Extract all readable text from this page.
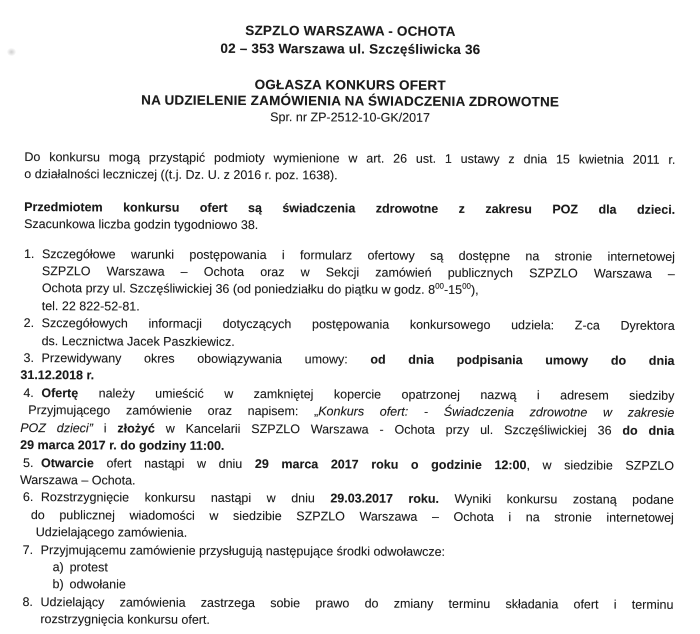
SZPZLO WARSZAWA - OCHOTA
02 – 353 Warszawa ul. Szczęśliwicka 36
OGŁASZA KONKURS OFERT
NA UDZIELENIE ZAMÓWIENIA NA ŚWIADCZENIA ZDROWOTNE
Spr. nr ZP-2512-10-GK/2017
Do konkursu mogą przystąpić podmioty wymienione w art. 26 ust. 1 ustawy z dnia 15 kwietnia 2011 r.
o działalności leczniczej ((t.j. Dz. U. z 2016 r. poz. 1638).
Przedmiotem konkursu ofert są świadczenia zdrowotne z zakresu POZ dla dzieci.
Szacunkowa liczba godzin tygodniowo 38.
1. Szczegółowe warunki postępowania i formularz ofertowy są dostępne na stronie internetowej
SZPZLO Warszawa – Ochota oraz w Sekcji zamówień publicznych SZPZLO Warszawa –
Ochota przy ul. Szczęśliwickiej 36 (od poniedziałku do piątku w godz. $8^{00}-15^{00}$),
tel. 22 822-52-81.
2. Szczegółowych informacji dotyczących postępowania konkursowego udziela: Z-ca Dyrektora
ds. Lecznictwa Jacek Paszkiewicz.
3. Przewidywany okres obowiązywania umowy: od dnia podpisania umowy do dnia
31.12.2018 r.
4. Ofertę należy umieścić w zamkniętej kopercie opatrzonej nazwą i adresem siedziby
Przyjmującego zamówienie oraz napisem: „Konkurs ofert: - Świadczenia zdrowotne w zakresie
POZ dzieci” i złożyć w Kancelarii SZPZLO Warszawa - Ochota przy ul. Szczęśliwickiej 36 do dnia
29 marca 2017 r. do godziny 11:00.
5. Otwarcie ofert nastąpi w dniu 29 marca 2017 roku o godzinie 12:00, w siedzibie SZPZLO
Warszawa – Ochota.
6. Rozstrzygnięcie konkursu nastąpi w dniu 29.03.2017 roku. Wyniki konkursu zostaną podane
do publicznej wiadomości w siedzibie SZPZLO Warszawa – Ochota i na stronie internetowej
Udzielającego zamówienia.
7. Przyjmującemu zamówienie przysługują następujące środki odwoławcze:
a) protest
b) odwołanie
8. Udzielający zamówienia zastrzega sobie prawo do zmiany terminu składania ofert i terminu
rozstrzygnięcia konkursu ofert.
